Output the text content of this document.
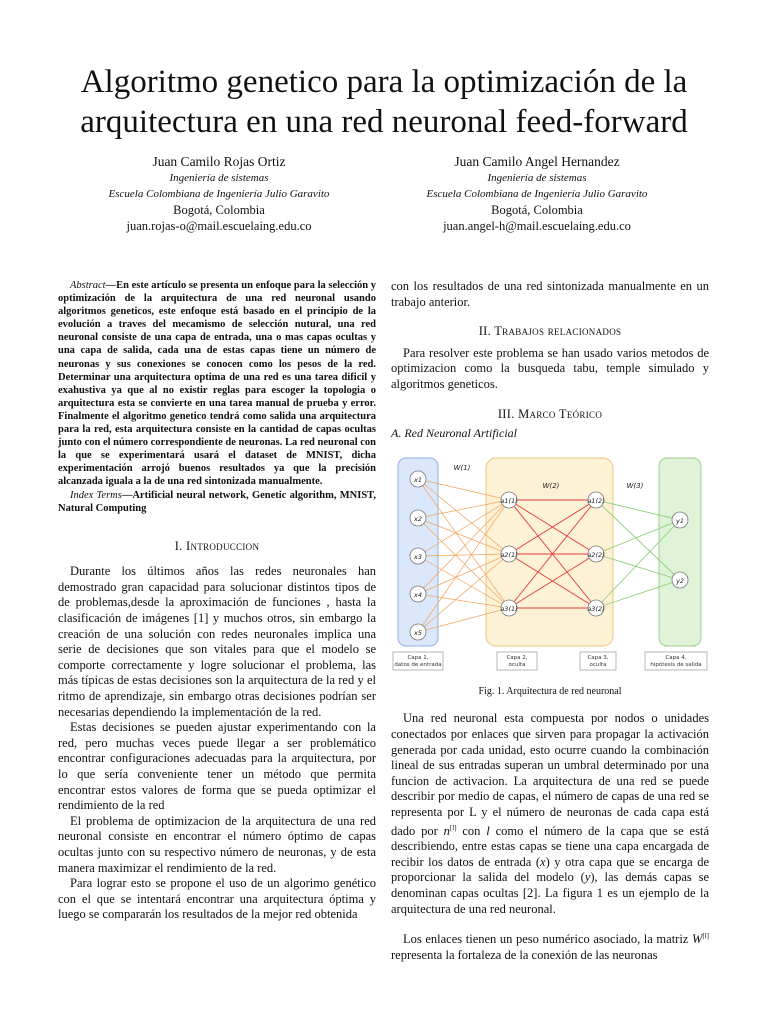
Algoritmo genetico para la optimización de la arquitectura en una red neuronal feed-forward
Juan Camilo Rojas Ortiz
Ingeniería de sistemas
Escuela Colombiana de Ingeniería Julio Garavito
Bogotá, Colombia
juan.rojas-o@mail.escuelaing.edu.co
Juan Camilo Angel Hernandez
Ingeniería de sistemas
Escuela Colombiana de Ingeniería Julio Garavito
Bogotá, Colombia
juan.angel-h@mail.escuelaing.edu.co

Abstract—En este artículo se presenta un enfoque para la selección y optimización de la arquitectura de una red neuronal usando algoritmos geneticos, este enfoque está basado en el principio de la evolución a traves del mecamismo de selección nutural, una red neuronal consiste de una capa de entrada, una o mas capas ocultas y una capa de salida, cada una de estas capas tiene un número de neuronas y sus conexiones se conocen como los pesos de la red. Determinar una arquitectura optima de una red es una tarea dificil y exahustiva ya que al no existir reglas para escoger la topologia o arquitectura esta se convierte en una tarea manual de prueba y error. Finalmente el algoritmo genetico tendrá como salida una arquitectura para la red, esta arquitectura consiste en la cantidad de capas ocultas junto con el número correspondiente de neuronas. La red neuronal con la que se experimentará usará el dataset de MNIST, dicha experimentación arrojó buenos resultados ya que la precisión alcanzada iguala a la de una red sintonizada manualmente.

Index Terms—Artificial neural network, Genetic algorithm, MNIST, Natural Computing

I. Introduccion

Durante los últimos años las redes neuronales han demostrado gran capacidad para solucionar distintos tipos de de problemas,desde la aproximación de funciones , hasta la clasificación de imágenes [1] y muchos otros, sin embargo la creación de una solución con redes neuronales implica una serie de decisiones que son vitales para que el modelo se comporte correctamente y logre solucionar el problema, las más típicas de estas decisiones son la arquitectura de la red y el ritmo de aprendizaje, sin embargo otras decisiones podrían ser necesarias dependiendo la implementación de la red.

Estas decisiones se pueden ajustar experimentando con la red, pero muchas veces puede llegar a ser problemático encontrar configuraciones adecuadas para la arquitectura, por lo que sería conveniente tener un método que permita encontrar estos valores de forma que se pueda optimizar el rendimiento de la red

El problema de optimizacion de la arquitectura de una red neuronal consiste en encontrar el número óptimo de capas ocultas junto con su respectivo número de neuronas, y de esta manera maximizar el rendimiento de la red.

Para lograr esto se propone el uso de un algorimo genético con el que se intentará encontrar una arquitectura óptima y luego se compararán los resultados de la mejor red obtenida

con los resultados de una red sintonizada manualmente en un trabajo anterior.

II. Trabajos relacionados

Para resolver este problema se han usado varios metodos de optimizacion como la busqueda tabu, temple simulado y algoritmos geneticos.

III. Marco Teórico
A. Red Neuronal Artificial
x1
x2
x3
x4
x5
a1(1)
a2(1)
a3(1)
a1(2)
a2(2)
a3(2)
y1
y2
W(1)
W(2)	W(3)
Capa 1,
datos de entrada
Capa 2,
oculta
Capa 3,
oculta
Capa 4,
hipótesis de salida
Fig. 1. Arquitectura de red neuronal

Una red neuronal esta compuesta por nodos o unidades conectados por enlaces que sirven para propagar la activación generada por cada unidad, esto ocurre cuando la combinación lineal de sus entradas superan un umbral determinado por una funcion de activacion. La arquitectura de una red se puede describir por medio de capas, el número de capas de una red se representa por L y el número de neuronas de cada capa está dado por n[l] con l como el número de la capa que se está describiendo, entre estas capas se tiene una capa encargada de recibir los datos de entrada (x) y otra capa que se encarga de proporcionar la salida del modelo (y), las demás capas se denominan capas ocultas [2]. La figura 1 es un ejemplo de la arquitectura de una red neuronal.

Los enlaces tienen un peso numérico asociado, la matriz W[l] representa la fortaleza de la conexión de las neuronas
